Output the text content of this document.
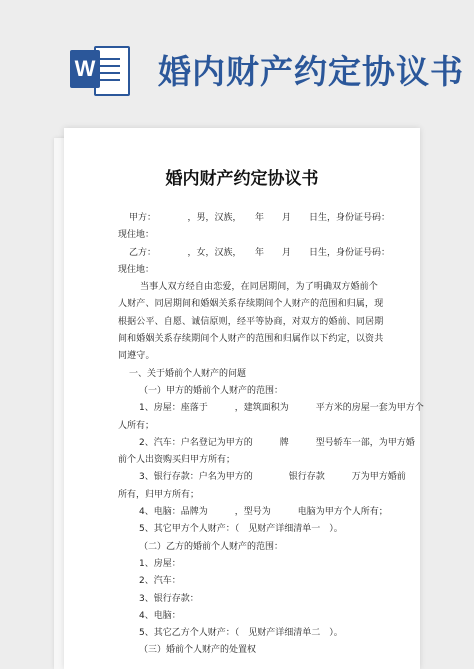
W 婚内财产约定协议书
婚内财产约定协议书

甲方：　　　　，男，汉族，　　年　　月　　日生，身份证号码：

现住地：

乙方：　　　　，女，汉族，　　年　　月　　日生，身份证号码：

现住地：

当事人双方经自由恋爱，在同居期间，为了明确双方婚前个人财产、同居期间和婚姻关系存续期间个人财产的范围和归属，现根据公平、自愿、诚信原则，经平等协商，对双方的婚前、同居期间和婚姻关系存续期间个人财产的范围和归属作以下约定，以资共同遵守。

一、关于婚前个人财产的问题

（一）甲方的婚前个人财产的范围：

1、房屋：座落于　　　，建筑面积为　　　平方米的房屋一套为甲方个

人所有；

2、汽车：户名登记为甲方的　　　牌　　　型号轿车一部，为甲方婚

前个人出资购买归甲方所有；

3、银行存款：户名为甲方的　　　　银行存款　　　万为甲方婚前

所有，归甲方所有；

4、电脑：品牌为　　　，型号为　　　电脑为甲方个人所有；

5、其它甲方个人财产：（　见财产详细清单一　）。

（二）乙方的婚前个人财产的范围：

1、房屋：

2、汽车：

3、银行存款：

4、电脑：

5、其它乙方个人财产：（　见财产详细清单二　）。

（三）婚前个人财产的处置权
